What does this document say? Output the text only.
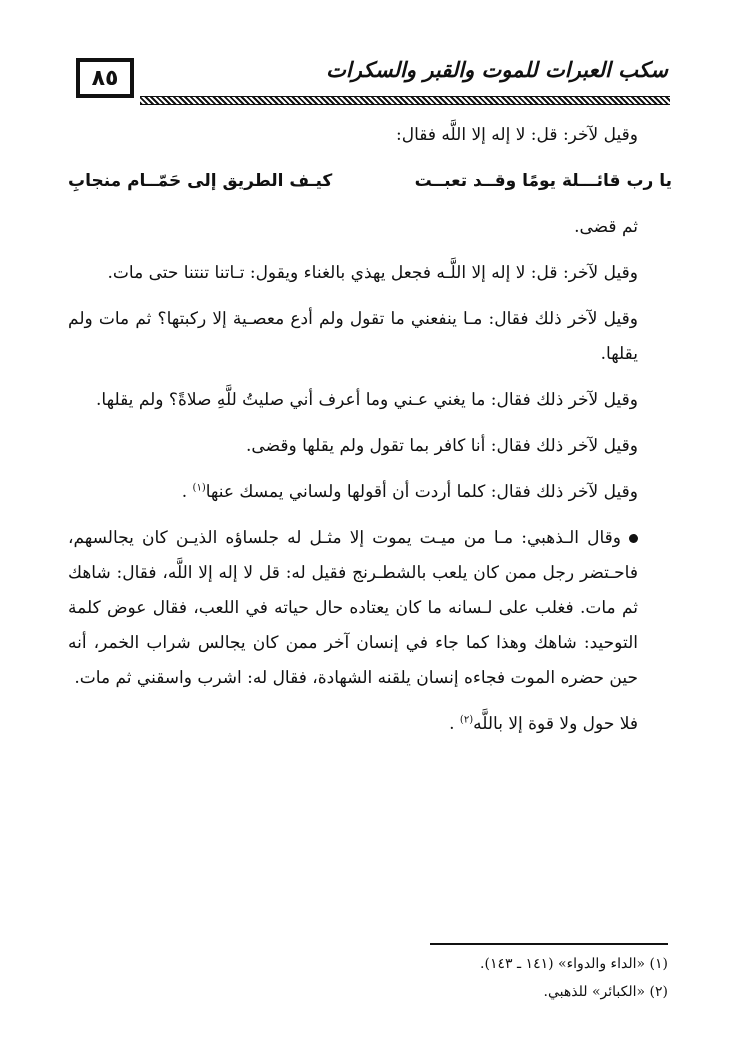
٨٥	سكب العبرات للموت والقبر والسكرات

وقيل لآخر: قل: لا إله إلا اللَّه فقال:

يا رب قائـــلة يومًا وقــد تعبــت
كيـف الطريق إلى حَمّــام منجابِ

ثم قضى.

وقيل لآخر: قل: لا إله إلا اللَّـه فجعل يهذي بالغناء ويقول: تـاتنا تنتنا حتى مات.

وقيل لآخر ذلك فقال: مـا ينفعني ما تقول ولم أدع معصـية إلا ركبتها؟ ثم مات ولم يقلها.

وقيل لآخر ذلك فقال: ما يغني عـني وما أعرف أني صليتُ للَّهِ صلاةً؟ ولم يقلها.

وقيل لآخر ذلك فقال: أنا كافر بما تقول ولم يقلها وقضى.

وقيل لآخر ذلك فقال: كلما أردت أن أقولها ولساني يمسك عنها$^{(١)}$ .

وقال الـذهبي: مـا من ميـت يموت إلا مثـل له جلساؤه الذيـن كان يجالسهم، فاحـتضر رجل ممن كان يلعب بالشطـرنج فقيل له: قل لا إله إلا اللَّه، فقال: شاهك ثم مات. فغلب على لـسانه ما كان يعتاده حال حياته في اللعب، فقال عوض كلمة التوحيد: شاهك وهذا كما جاء في إنسان آخر ممن كان يجالس شراب الخمر، أنه حين حضره الموت فجاءه إنسان يلقنه الشهادة، فقال له: اشرب واسقني ثم مات.

فلا حول ولا قوة إلا باللَّه$^{(٢)}$ .

(١) «الداء والدواء» (١٤١ ـ ١٤٣).
(٢) «الكبائر» للذهبي.
